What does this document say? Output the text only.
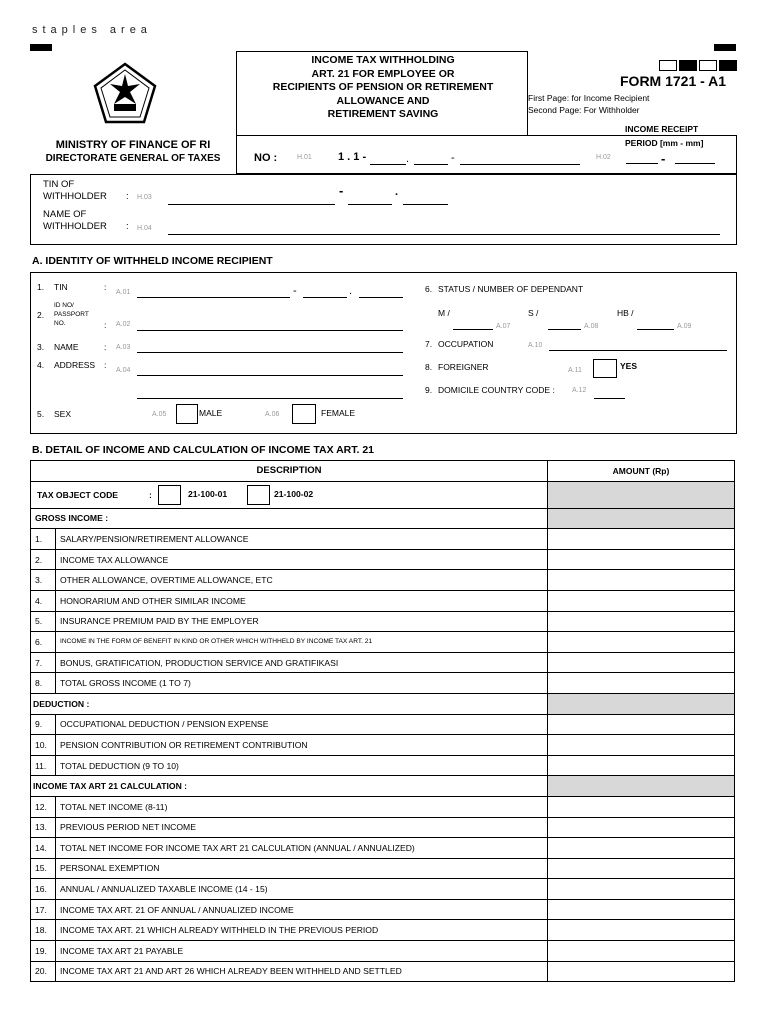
staples area
MINISTRY OF FINANCE OF RI
DIRECTORATE GENERAL OF TAXES
INCOME TAX WITHHOLDING
ART. 21 FOR EMPLOYEE OR
RECIPIENTS OF PENSION OR RETIREMENT
ALLOWANCE AND
RETIREMENT SAVING
FORM 1721 - A1
First Page: for Income Recipient
Second Page: For Withholder
INCOME RECEIPT
PERIOD [mm - mm]
H.02	-
NO :	H.01 1 . 1 -	.	-
TIN OF
WITHHOLDER : H.03	-	.
NAME OF
WITHHOLDER : H.04
A. IDENTITY OF WITHHELD INCOME RECIPIENT
1. TIN	:
A.01	-	.
2.
ID NO/
PASSPORT
NO.	: A.02
3. NAME	: A.03
4. ADDRESS :
A.04
5. SEX	A.05	MALE	A.06	FEMALE
6. STATUS / NUMBER OF DEPENDANT
M /	S /	HB /
A.07	A.08	A.09
7. OCCUPATION	A.10
8. FOREIGNER	A.11	YES
9. DOMICILE COUNTRY CODE : A.12
B. DETAIL OF INCOME AND CALCULATION OF INCOME TAX ART. 21
DESCRIPTION		AMOUNT (Rp)

TAX OBJECT CODE : 21-100-01 21-100-02		

GROSS INCOME :		
1.	SALARY/PENSION/RETIREMENT ALLOWANCE	
2.	INCOME TAX ALLOWANCE	
3.	OTHER ALLOWANCE, OVERTIME ALLOWANCE, ETC	
4.	HONORARIUM AND OTHER SIMILAR INCOME	
5.	INSURANCE PREMIUM PAID BY THE EMPLOYER	
6.	INCOME IN THE FORM OF BENEFIT IN KIND OR OTHER WHICH WITHHELD BY INCOME TAX ART. 21	
7.	BONUS, GRATIFICATION, PRODUCTION SERVICE AND GRATIFIKASI	
8.	TOTAL GROSS INCOME (1 TO 7)	
DEDUCTION :		
9.	OCCUPATIONAL DEDUCTION / PENSION EXPENSE	
10.	PENSION CONTRIBUTION OR RETIREMENT CONTRIBUTION	
11.	TOTAL DEDUCTION (9 TO 10)	
INCOME TAX ART 21 CALCULATION :		
12.	TOTAL NET INCOME (8-11)	
13.	PREVIOUS PERIOD NET INCOME	
14.	TOTAL NET INCOME FOR INCOME TAX ART 21 CALCULATION (ANNUAL / ANNUALIZED)	
15.	PERSONAL EXEMPTION	
16.	ANNUAL / ANNUALIZED TAXABLE INCOME (14 - 15)	
17.	INCOME TAX ART. 21 OF ANNUAL / ANNUALIZED INCOME	
18.	INCOME TAX ART. 21 WHICH ALREADY WITHHELD IN THE PREVIOUS PERIOD	
19.	INCOME TAX ART 21 PAYABLE	
20.	INCOME TAX ART 21 AND ART 26 WHICH ALREADY BEEN WITHHELD AND SETTLED	
